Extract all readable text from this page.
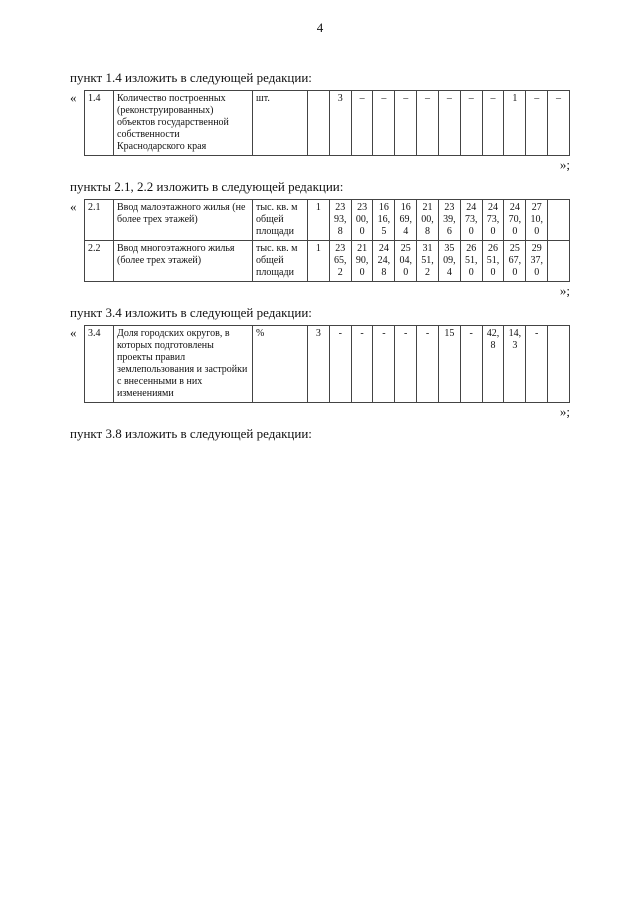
4

пункт 1.4 изложить в следующей редакции:

« 1.4	Количество построенных (реконструированных) объектов государственной собственности Краснодарского края	шт.		3	–	–	–	–	–	–	–	1	–	–
»;

пункты 2.1, 2.2 изложить в следующей редакции:

« 2.1	Ввод малоэтажного жилья (не более трех этажей)	тыс. кв. м общей площади	1	2393,8	2300,0	1616,5	1669,4	2100,8	2339,6	2473,0	2473,0	2470,0	2710,0	
2.2	Ввод многоэтажного жилья (более трех этажей)	тыс. кв. м общей площади	1	2365,2	2190,0	2424,8	2504,0	3151,2	3509,4	2651,0	2651,0	2567,0	2937,0	
»;

пункт 3.4 изложить в следующей редакции:

« 3.4	Доля городских округов, в которых подготовлены проекты правил землепользования и застройки с внесенными в них изменениями	%	3	-	-	-	-	-	15	-	42,8	14,3	-	
»;

пункт 3.8 изложить в следующей редакции:
